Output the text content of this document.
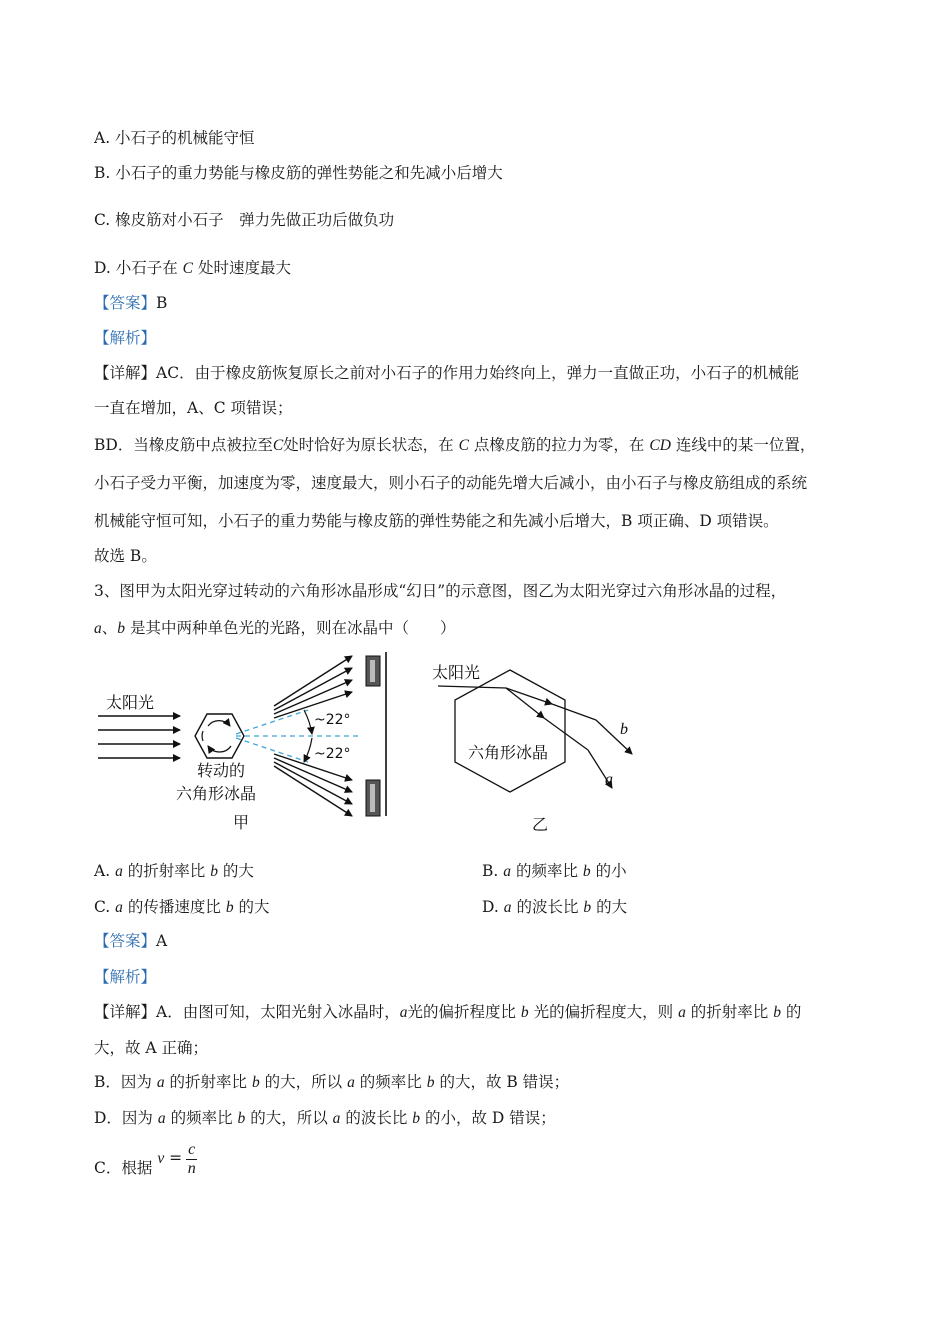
A. 小石子的机械能守恒
B. 小石子的重力势能与橡皮筋的弹性势能之和先减小后增大
C. 橡皮筋对小石子　弹力先做正功后做负功
D. 小石子在 C 处时速度最大
【答案】B
【解析】
【详解】AC．由于橡皮筋恢复原长之前对小石子的作用力始终向上，弹力一直做正功，小石子的机械能
一直在增加，A、C 项错误；
BD．当橡皮筋中点被拉至C处时恰好为原长状态，在 C 点橡皮筋的拉力为零，在 CD 连线中的某一位置，
小石子受力平衡，加速度为零，速度最大，则小石子的动能先增大后减小，由小石子与橡皮筋组成的系统
机械能守恒可知，小石子的重力势能与橡皮筋的弹性势能之和先减小后增大，B 项正确、D 项错误。
故选 B。
3、图甲为太阳光穿过转动的六角形冰晶形成“幻日”的示意图，图乙为太阳光穿过六角形冰晶的过程，
a、b 是其中两种单色光的光路，则在冰晶中（　　）
太阳光
~22°
~22°
转动的
六角形冰晶
甲
太阳光
六角形冰晶
b
a
乙
A. a 的折射率比 b 的大	B. a 的频率比 b 的小
C. a 的传播速度比 b 的大	D. a 的波长比 b 的大
【答案】A
【解析】
【详解】A．由图可知，太阳光射入冰晶时，a光的偏折程度比 b 光的偏折程度大，则 a 的折射率比 b 的
大，故 A 正确；
B．因为 a 的折射率比 b 的大，所以 a 的频率比 b 的大，故 B 错误；
D．因为 a 的频率比 b 的大，所以 a 的波长比 b 的小，故 D 错误；
C．根据 $v = \frac{c}{n}$
